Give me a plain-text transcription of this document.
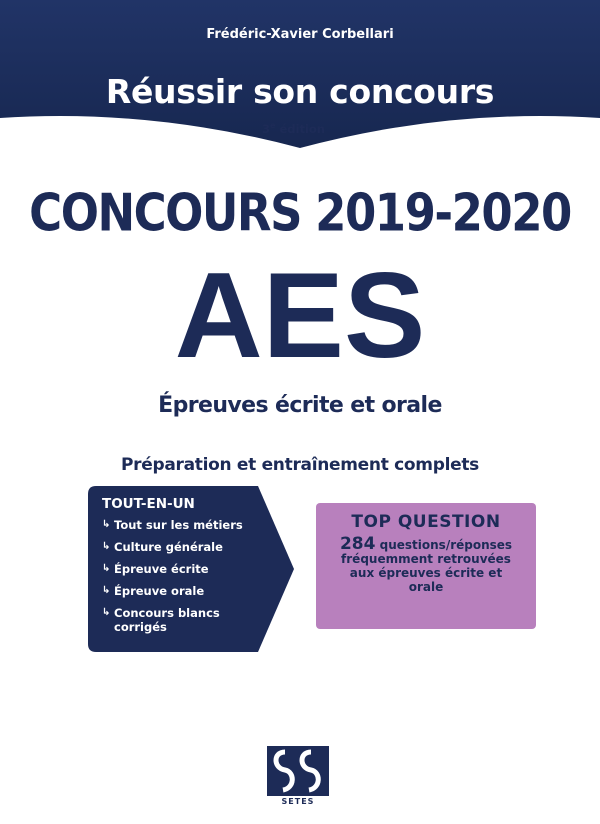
Frédéric-Xavier Corbellari
Réussir son concours
3e édition
CONCOURS 2019-2020
AES
Épreuves écrite et orale
Préparation et entraînement complets
TOUT-EN-UN
↳ Tout sur les métiers
↳ Culture générale
↳ Épreuve écrite
↳ Épreuve orale
↳ Concours blancs corrigés
TOP QUESTION
284 questions/réponses fréquemment retrouvées aux épreuves écrite et orale
SETES
